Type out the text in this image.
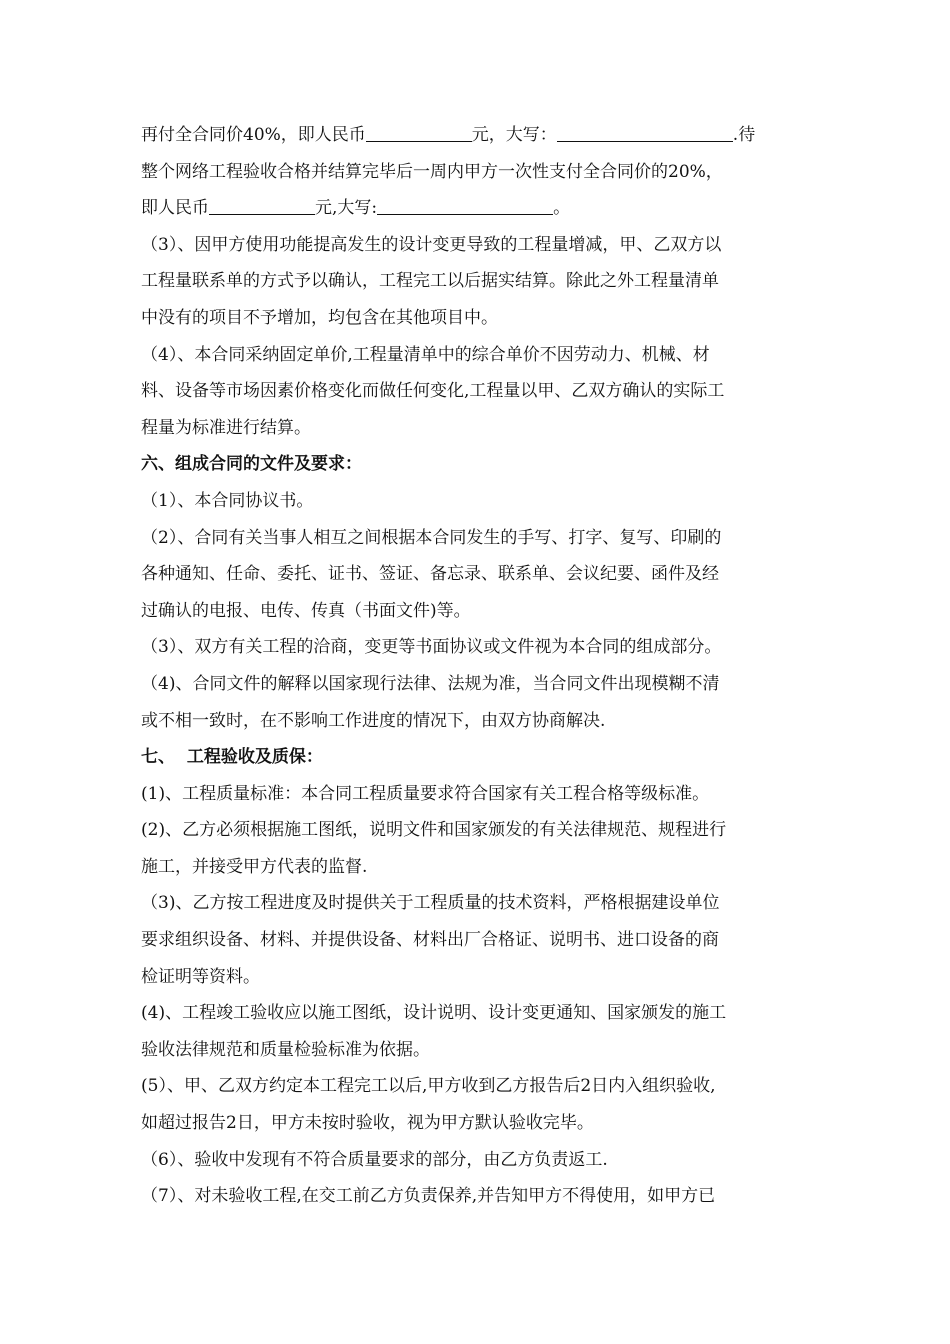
再付全合同价40%，即人民币	元，大写：	.待
整个网络工程验收合格并结算完毕后一周内甲方一次性支付全合同价的20%，
即人民币	元,大写:	。
（3）、因甲方使用功能提高发生的设计变更导致的工程量增减，甲、乙双方以
工程量联系单的方式予以确认，工程完工以后据实结算。除此之外工程量清单
中没有的项目不予增加，均包含在其他项目中。
（4）、本合同采纳固定单价,工程量清单中的综合单价不因劳动力、机械、材
料、设备等市场因素价格变化而做任何变化,工程量以甲、乙双方确认的实际工
程量为标准进行结算。
六、组成合同的文件及要求：
（1）、本合同协议书。
（2）、合同有关当事人相互之间根据本合同发生的手写、打字、复写、印刷的
各种通知、任命、委托、证书、签证、备忘录、联系单、会议纪要、函件及经
过确认的电报、电传、传真（书面文件)等。
（3）、双方有关工程的洽商，变更等书面协议或文件视为本合同的组成部分。
（4)、合同文件的解释以国家现行法律、法规为准，当合同文件出现模糊不清
或不相一致时，在不影响工作进度的情况下，由双方协商解决.
七、  工程验收及质保：
(1)、工程质量标准：本合同工程质量要求符合国家有关工程合格等级标准。
(2)、乙方必须根据施工图纸，说明文件和国家颁发的有关法律规范、规程进行
施工，并接受甲方代表的监督.
（3)、乙方按工程进度及时提供关于工程质量的技术资料，严格根据建设单位
要求组织设备、材料、并提供设备、材料出厂合格证、说明书、进口设备的商
检证明等资料。
(4)、工程竣工验收应以施工图纸，设计说明、设计变更通知、国家颁发的施工
验收法律规范和质量检验标准为依据。
(5）、甲、乙双方约定本工程完工以后,甲方收到乙方报告后2日内入组织验收,
如超过报告2日，甲方未按时验收，视为甲方默认验收完毕。
（6）、验收中发现有不符合质量要求的部分，由乙方负责返工.
（7）、对未验收工程,在交工前乙方负责保养,并告知甲方不得使用，如甲方已
